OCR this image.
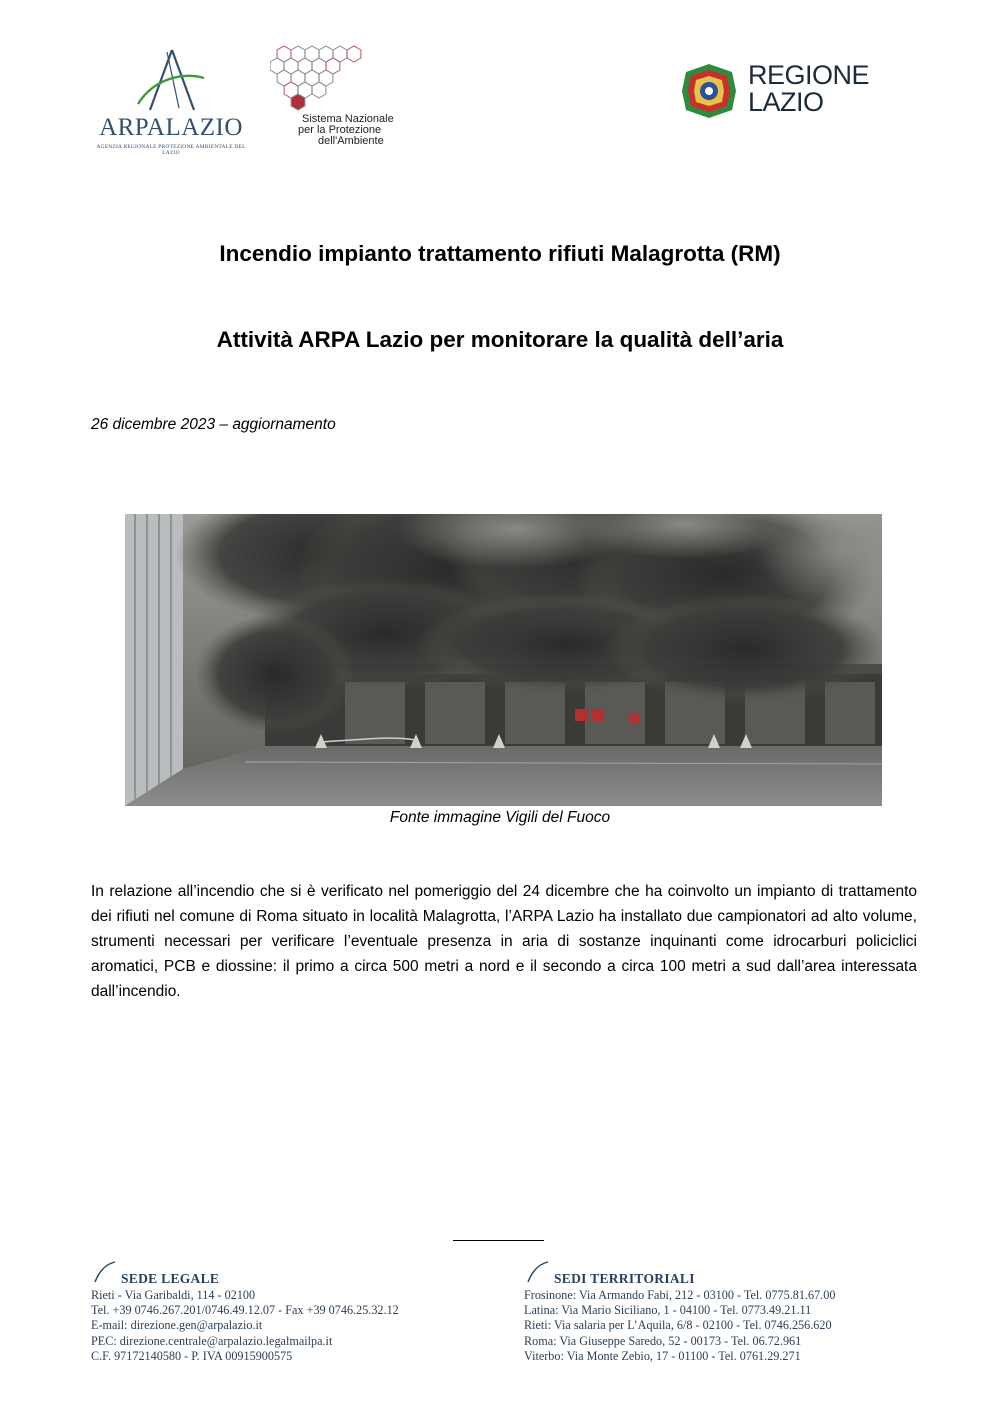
ARPALAZIO
AGENZIA REGIONALE PROTEZIONE AMBIENTALE DEL LAZIO
Sistema Nazionale
per la Protezione
dell'Ambiente
REGIONE
LAZIO
Incendio impianto trattamento rifiuti Malagrotta (RM)
Attività ARPA Lazio per monitorare la qualità dell’aria
26 dicembre 2023 – aggiornamento
Fonte immagine Vigili del Fuoco
In relazione all’incendio che si è verificato nel pomeriggio del 24 dicembre che ha coinvolto un impianto di trattamento dei rifiuti nel comune di Roma situato in località Malagrotta, l’ARPA Lazio ha installato due campionatori ad alto volume, strumenti necessari per verificare l’eventuale presenza in aria di sostanze inquinanti come idrocarburi policiclici aromatici, PCB e diossine: il primo a circa 500 metri a nord e il secondo a circa 100 metri a sud dall’area interessata dall’incendio.
SEDE LEGALE
Rieti - Via Garibaldi, 114 - 02100
Tel. +39 0746.267.201/0746.49.12.07 - Fax +39 0746.25.32.12
E-mail: direzione.gen@arpalazio.it
PEC: direzione.centrale@arpalazio.legalmailpa.it
C.F. 97172140580 - P. IVA 00915900575
SEDI TERRITORIALI
Frosinone: Via Armando Fabi, 212 - 03100 - Tel. 0775.81.67.00
Latina: Via Mario Siciliano, 1 - 04100 - Tel. 0773.49.21.11
Rieti: Via salaria per L’Aquila, 6/8 - 02100 - Tel. 0746.256.620
Roma: Via Giuseppe Saredo, 52 - 00173 - Tel. 06.72.961
Viterbo: Via Monte Zebio, 17 - 01100 - Tel. 0761.29.271
